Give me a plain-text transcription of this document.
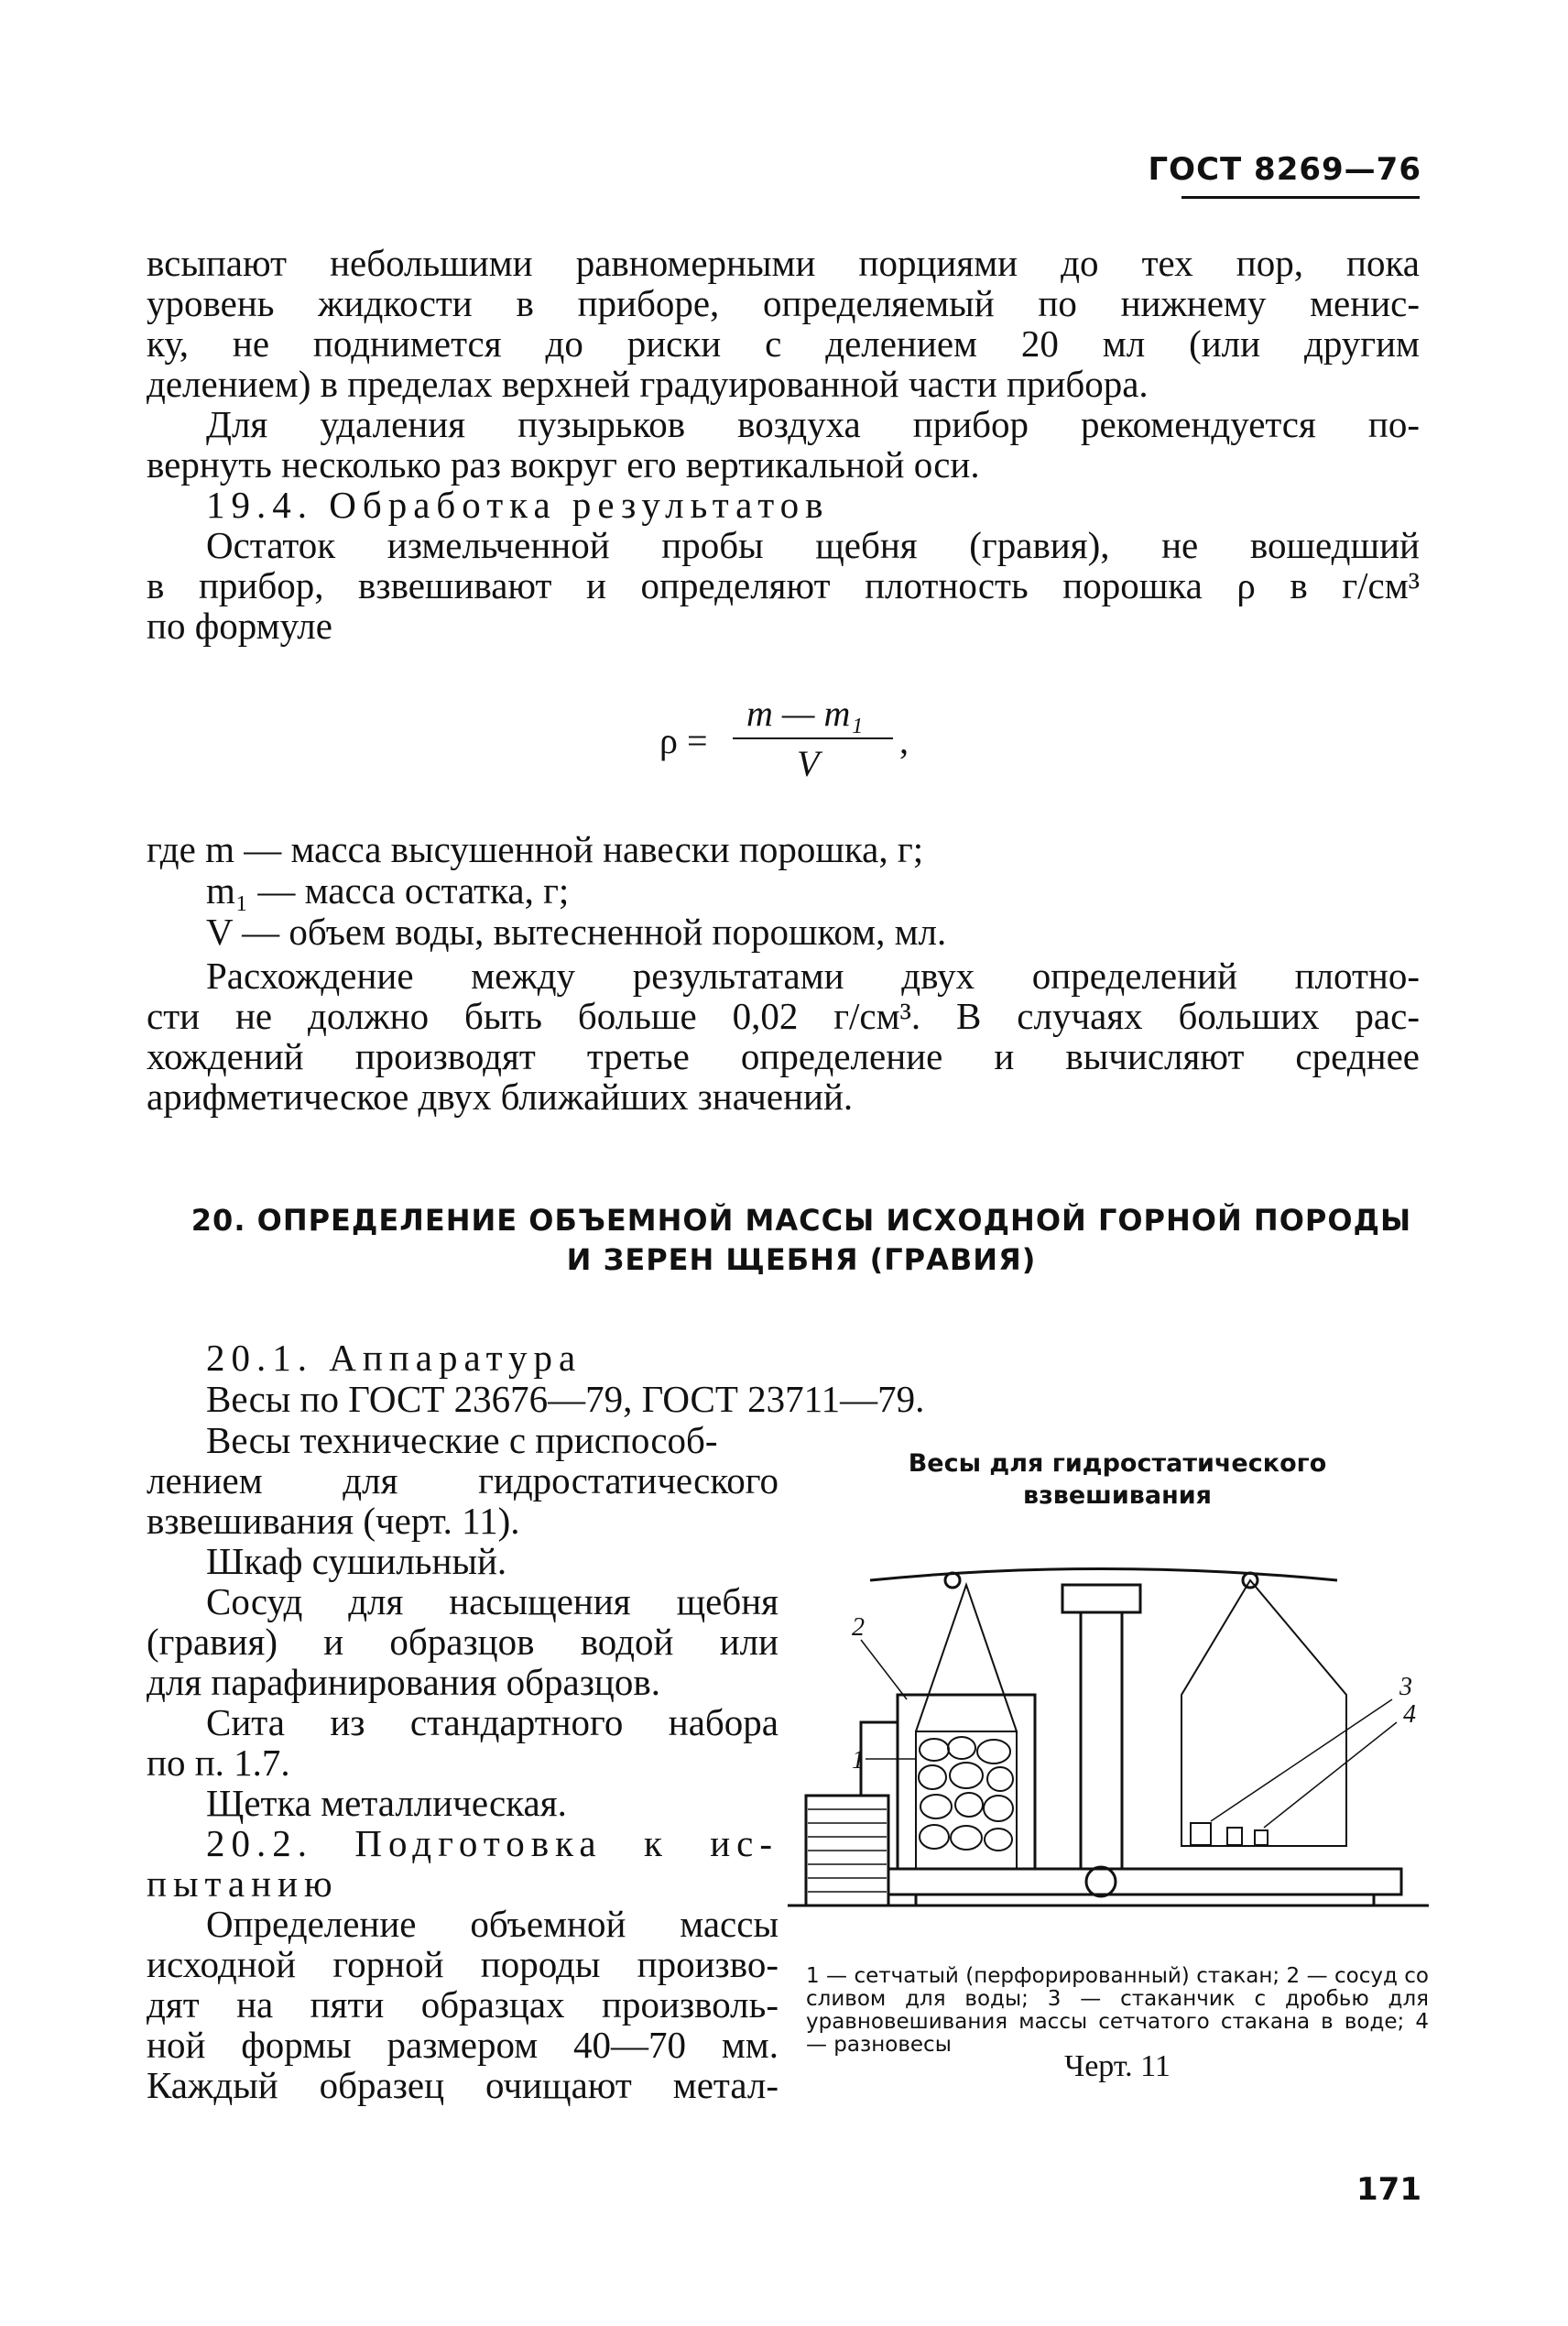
ГОСТ 8269—76
всыпают небольшими равномерными порциями до тех пор, пока
уровень жидкости в приборе, определяемый по нижнему менис-
ку, не поднимется до риски с делением 20 мл (или другим
делением) в пределах верхней градуированной части прибора.
Для удаления пузырьков воздуха прибор рекомендуется по-
вернуть несколько раз вокруг его вертикальной оси.
19.4. Обработка результатов
Остаток измельченной пробы щебня (гравия), не вошедший
в прибор, взвешивают и определяют плотность порошка ρ в г/см³
по формуле
ρ =
m — m₁
V
,
где m — масса высушенной навески порошка, г;
m₁ — масса остатка, г;
V — объем воды, вытесненной порошком, мл.
Расхождение между результатами двух определений плотно-
сти не должно быть больше 0,02 г/см³. В случаях больших рас-
хождений производят третье определение и вычисляют среднее
арифметическое двух ближайших значений.
20. ОПРЕДЕЛЕНИЕ ОБЪЕМНОЙ МАССЫ ИСХОДНОЙ ГОРНОЙ ПОРОДЫ
И ЗЕРЕН ЩЕБНЯ (ГРАВИЯ)
20.1. Аппаратура
Весы по ГОСТ 23676—79, ГОСТ 23711—79.
Весы технические с приспособ-
лением для гидростатического
взвешивания (черт. 11).
Шкаф сушильный.
Сосуд для насыщения щебня
(гравия) и образцов водой или
для парафинирования образцов.
Сита из стандартного набора
по п. 1.7.
Щетка металлическая.
20.2. Подготовка к ис-
пытанию
Определение объемной массы
исходной горной породы произво-
дят на пяти образцах произволь-
ной формы размером 40—70 мм.
Каждый образец очищают метал-
Весы для гидростатического
взвешивания
1
2
3
4
1 — сетчатый (перфорированный) стакан; 2 — сосуд со сливом для воды; 3 — стаканчик с дробью для уравновешивания массы сетчатого стакана в воде; 4 — разновесы
Черт. 11
171
